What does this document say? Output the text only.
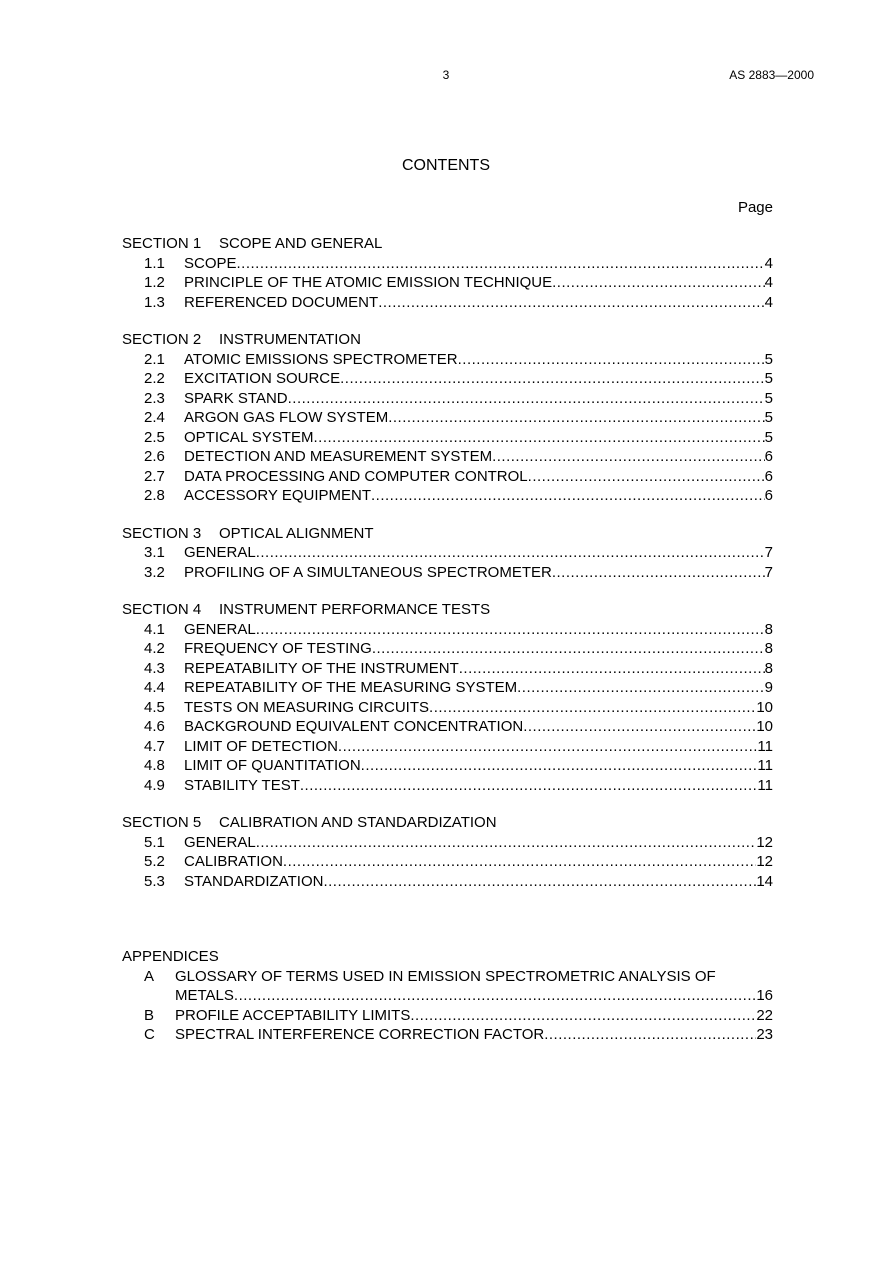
3	AS 2883—2000
CONTENTS
Page
SECTION 1 SCOPE AND GENERAL
1.1	SCOPE .....	4
1.2	PRINCIPLE OF THE ATOMIC EMISSION TECHNIQUE .....	4
1.3	REFERENCED DOCUMENT .....	4
SECTION 2 INSTRUMENTATION
2.1	ATOMIC EMISSIONS SPECTROMETER .....	5
2.2	EXCITATION SOURCE .....	5
2.3	SPARK STAND .....	5
2.4	ARGON GAS FLOW SYSTEM .....	5
2.5	OPTICAL SYSTEM .....	5
2.6	DETECTION AND MEASUREMENT SYSTEM .....	6
2.7	DATA PROCESSING AND COMPUTER CONTROL .....	6
2.8	ACCESSORY EQUIPMENT .....	6
SECTION 3 OPTICAL ALIGNMENT
3.1	GENERAL .....	7
3.2	PROFILING OF A SIMULTANEOUS SPECTROMETER .....	7
SECTION 4 INSTRUMENT PERFORMANCE TESTS
4.1	GENERAL .....	8
4.2	FREQUENCY OF TESTING .....	8
4.3	REPEATABILITY OF THE INSTRUMENT .....	8
4.4	REPEATABILITY OF THE MEASURING SYSTEM .....	9
4.5	TESTS ON MEASURING CIRCUITS .....	10
4.6	BACKGROUND EQUIVALENT CONCENTRATION .....	10
4.7	LIMIT OF DETECTION .....	11
4.8	LIMIT OF QUANTITATION .....	11
4.9	STABILITY TEST .....	11
SECTION 5 CALIBRATION AND STANDARDIZATION
5.1	GENERAL .....	12
5.2	CALIBRATION .....	12
5.3	STANDARDIZATION .....	14
APPENDICES
A GLOSSARY OF TERMS USED IN EMISSION SPECTROMETRIC ANALYSIS OF
METALS .....	16
B	PROFILE ACCEPTABILITY LIMITS .....	22
C	SPECTRAL INTERFERENCE CORRECTION FACTOR .....	23
